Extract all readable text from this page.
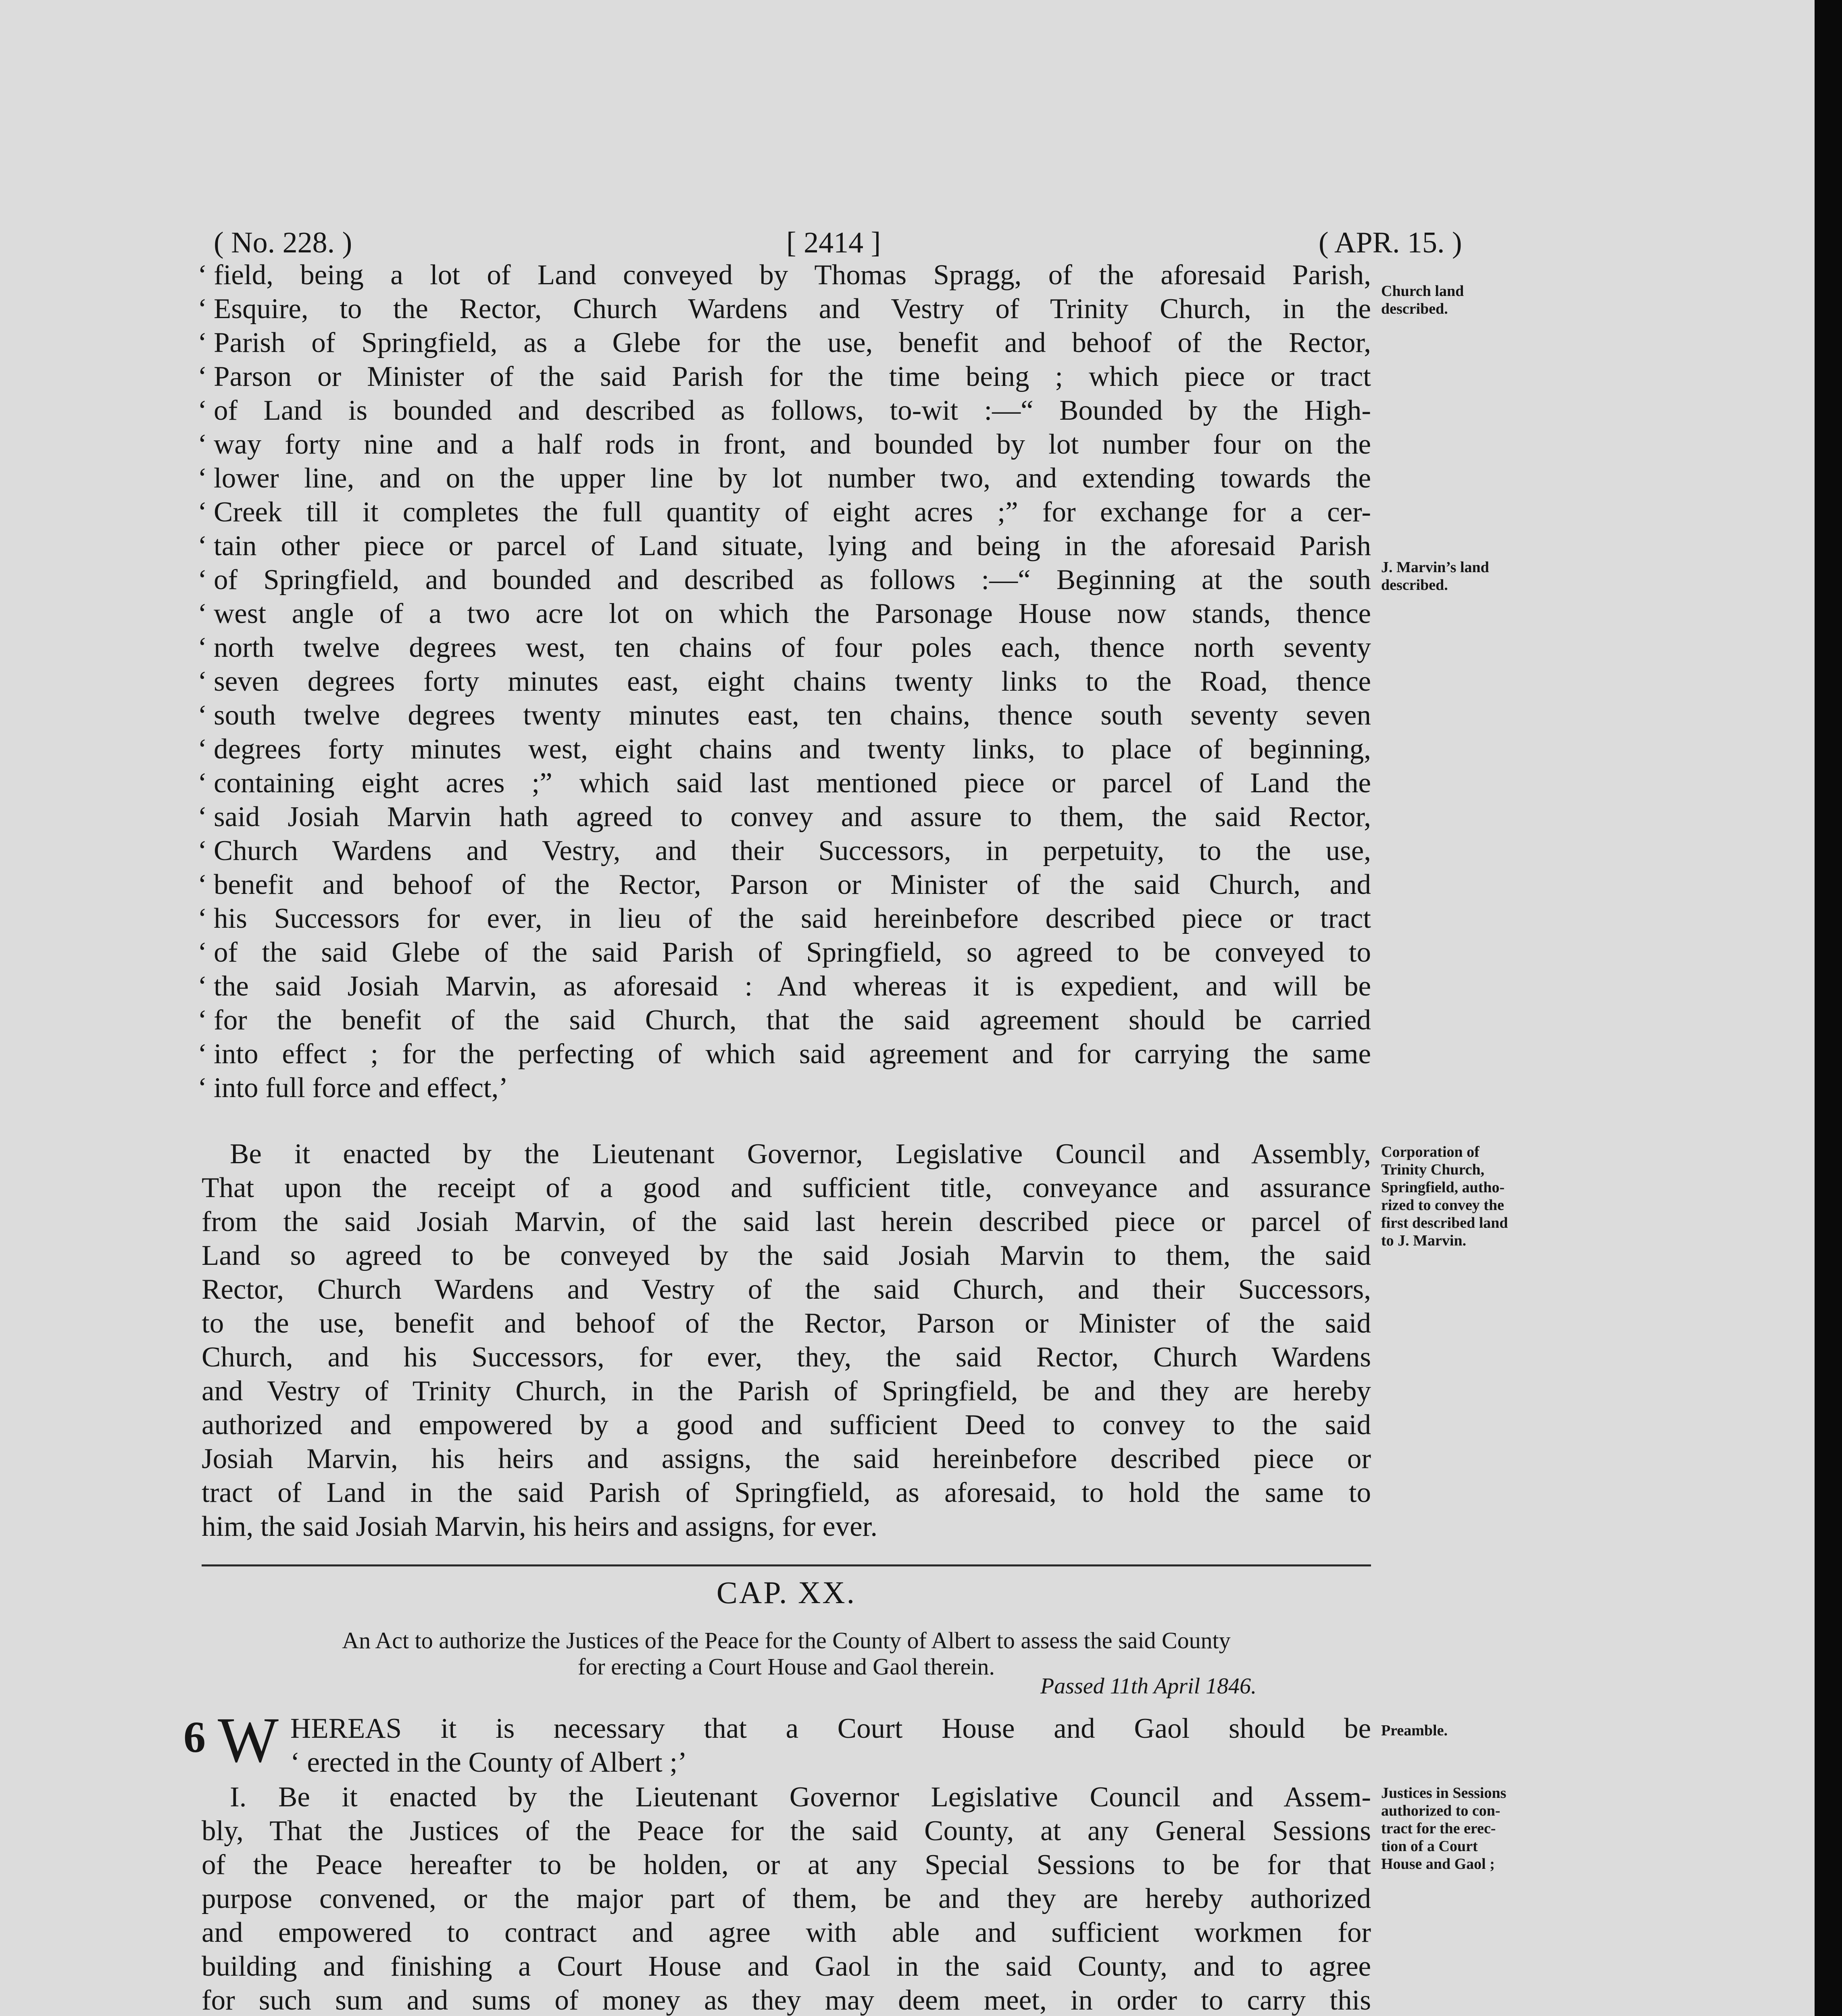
( No. 228. )	[ 2414 ]	( APR. 15. )
‘ field, being a lot of Land conveyed by Thomas Spragg, of the aforesaid Parish,
‘ Esquire, to the Rector, Church Wardens and Vestry of Trinity Church, in the
‘ Parish of Springfield, as a Glebe for the use, benefit and behoof of the Rector,
‘ Parson or Minister of the said Parish for the time being ; which piece or tract
‘ of Land is bounded and described as follows, to-wit :—“ Bounded by the High-
‘ way forty nine and a half rods in front, and bounded by lot number four on the
‘ lower line, and on the upper line by lot number two, and extending towards the
‘ Creek till it completes the full quantity of eight acres ;” for exchange for a cer-
‘ tain other piece or parcel of Land situate, lying and being in the aforesaid Parish
‘ of Springfield, and bounded and described as follows :—“ Beginning at the south
‘ west angle of a two acre lot on which the Parsonage House now stands, thence
‘ north twelve degrees west, ten chains of four poles each, thence north seventy
‘ seven degrees forty minutes east, eight chains twenty links to the Road, thence
‘ south twelve degrees twenty minutes east, ten chains, thence south seventy seven
‘ degrees forty minutes west, eight chains and twenty links, to place of beginning,
‘ containing eight acres ;” which said last mentioned piece or parcel of Land the
‘ said Josiah Marvin hath agreed to convey and assure to them, the said Rector,
‘ Church Wardens and Vestry, and their Successors, in perpetuity, to the use,
‘ benefit and behoof of the Rector, Parson or Minister of the said Church, and
‘ his Successors for ever, in lieu of the said hereinbefore described piece or tract
‘ of the said Glebe of the said Parish of Springfield, so agreed to be conveyed to
‘ the said Josiah Marvin, as aforesaid : And whereas it is expedient, and will be
‘ for the benefit of the said Church, that the said agreement should be carried
‘ into effect ; for the perfecting of which said agreement and for carrying the same
‘ into full force and effect,’
Be it enacted by the Lieutenant Governor, Legislative Council and Assembly,
That upon the receipt of a good and sufficient title, conveyance and assurance
from the said Josiah Marvin, of the said last herein described piece or parcel of
Land so agreed to be conveyed by the said Josiah Marvin to them, the said
Rector, Church Wardens and Vestry of the said Church, and their Successors,
to the use, benefit and behoof of the Rector, Parson or Minister of the said
Church, and his Successors, for ever, they, the said Rector, Church Wardens
and Vestry of Trinity Church, in the Parish of Springfield, be and they are hereby
authorized and empowered by a good and sufficient Deed to convey to the said
Josiah Marvin, his heirs and assigns, the said hereinbefore described piece or
tract of Land in the said Parish of Springfield, as aforesaid, to hold the same to
him, the said Josiah Marvin, his heirs and assigns, for ever.
HEREAS it is necessary that a Court House and Gaol should be
‘ erected in the County of Albert ;’
I. Be it enacted by the Lieutenant Governor Legislative Council and Assem-
bly, That the Justices of the Peace for the said County, at any General Sessions
of the Peace hereafter to be holden, or at any Special Sessions to be for that
purpose convened, or the major part of them, be and they are hereby authorized
and empowered to contract and agree with able and sufficient workmen for
building and finishing a Court House and Gaol in the said County, and to agree
for such sum and sums of money as they may deem meet, in order to carry this
CAP. XX.
An Act to authorize the Justices of the Peace for the County of Albert to assess the said County
for erecting a Court House and Gaol therein.
Passed 11th April 1846.
6 W
Church land
described.
J. Marvin’s land
described.
Corporation of
Trinity Church,
Springfield, autho-
rized to convey the
first described land
to J. Marvin.
Preamble.
Justices in Sessions
authorized to con-
tract for the erec-
tion of a Court
House and Gaol ;
